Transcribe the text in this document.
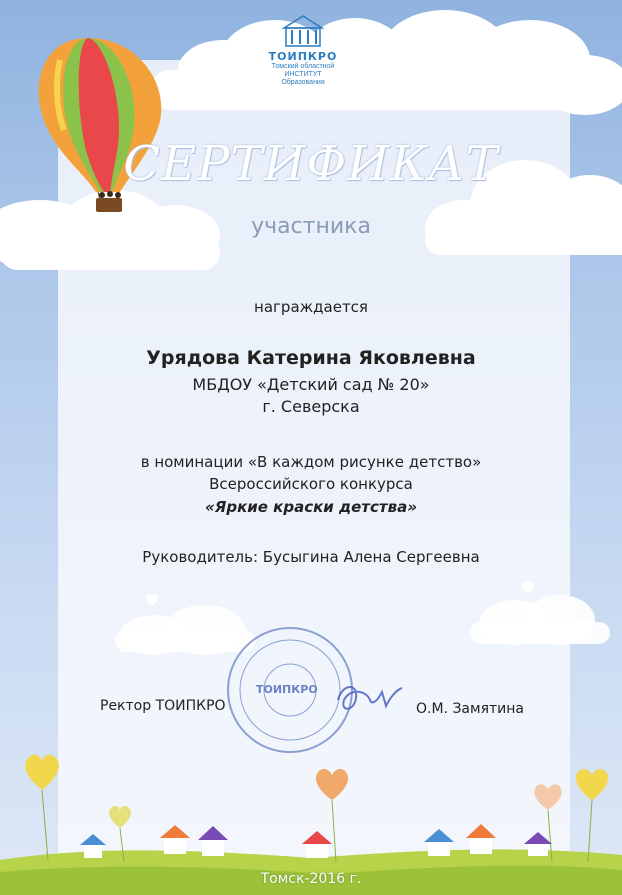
ТОИПКРО
Томский областной
ИНСТИТУТ
Образования
СЕРТИФИКАТ
участника
награждается
Урядова Катерина Яковлевна
МБДОУ «Детский сад № 20»
г. Северска
в номинации «В каждом рисунке детство»
Всероссийского конкурса
«Яркие краски детства»
Руководитель: Бусыгина Алена Сергеевна
ТОИПКРО
Ректор ТОИПКРО	О.М. Замятина
Томск-2016 г.
